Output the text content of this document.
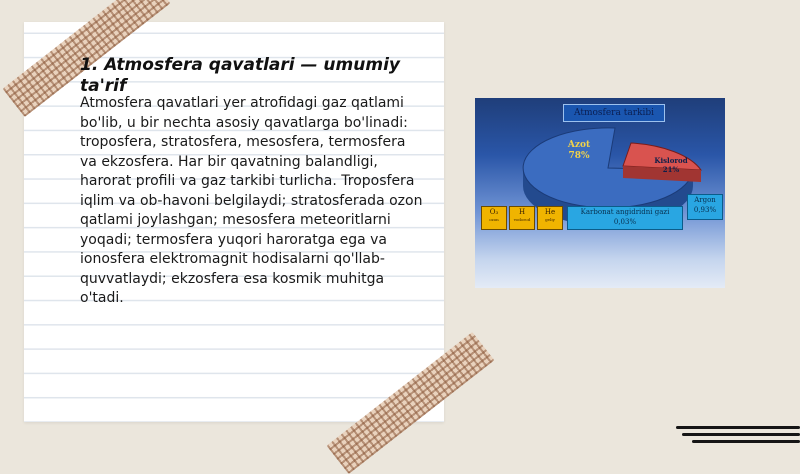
1. Atmosfera qavatlari — umumiy ta'rif
Atmosfera qavatlari yer atrofidagi gaz qatlami bo'lib, u bir nechta asosiy qavatlarga bo'linadi: troposfera, stratosfera, mesosfera, termosfera va ekzosfera. Har bir qavatning balandligi, harorat profili va gaz tarkibi turlicha. Troposfera iqlim va ob-havoni belgilaydi; stratosferada ozon qatlami joylashgan; mesosfera meteoritlarni yoqadi; termosfera yuqori haroratga ega va ionosfera elektromagnit hodisalarni qo'llab-quvvatlaydi; ekzosfera esa kosmik muhitga o'tadi.
Atmosfera tarkibi
Azot
78%	Kislorod
21%
O₃
ozon
H
vodorod
He
geliy
Karbonat angidridni gazi
0,03%
Argon
0,93%
